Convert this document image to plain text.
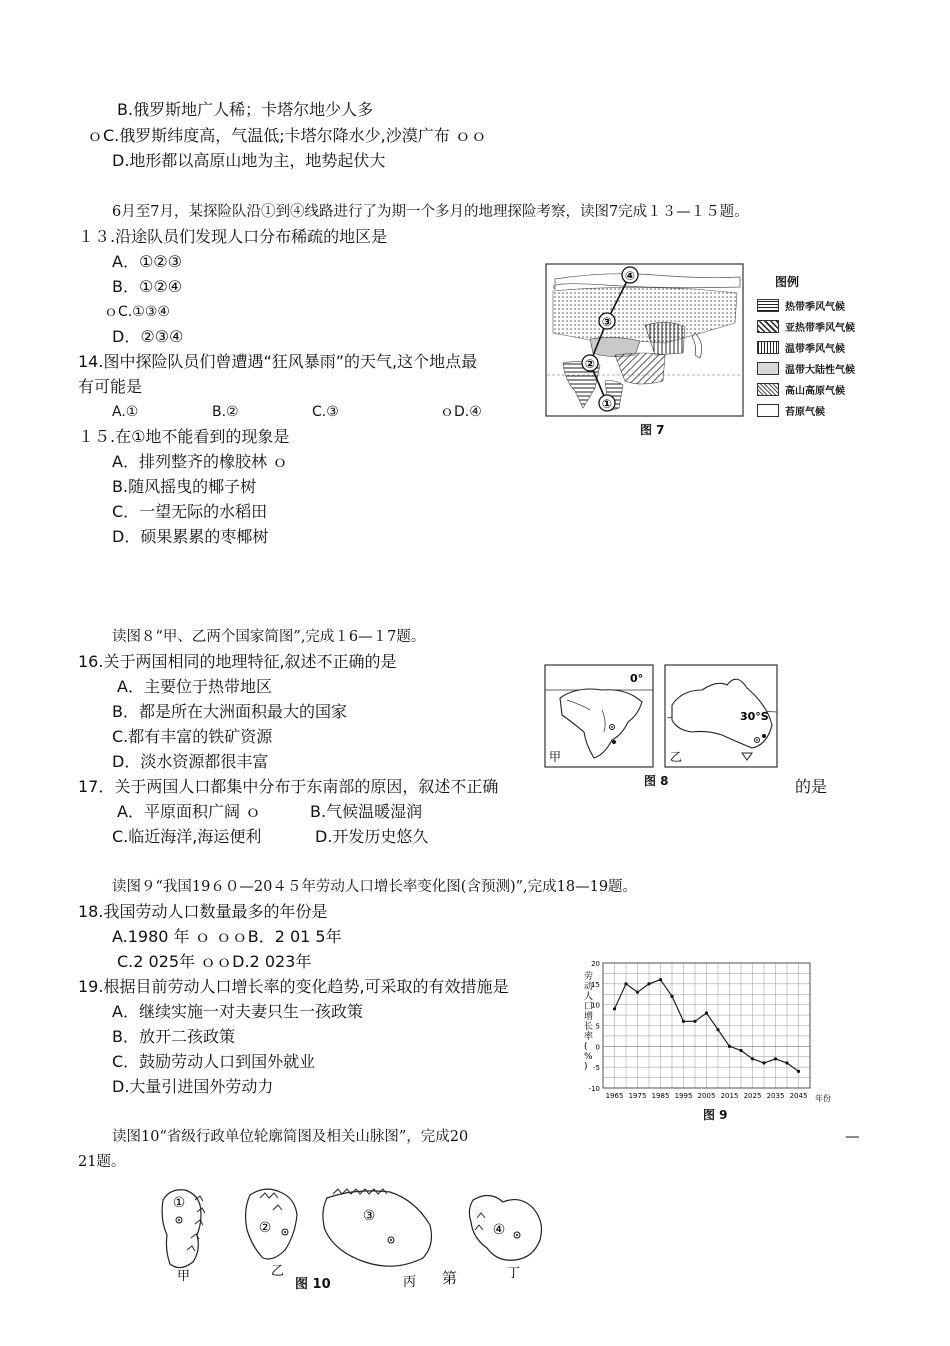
B.俄罗斯地广人稀；卡塔尔地少人多
ｏC.俄罗斯纬度高，气温低;卡塔尔降水少,沙漠广布 ｏｏ
D.地形都以高原山地为主，地势起伏大
6月至7月，某探险队沿①到④线路进行了为期一个多月的地理探险考察，读图7完成１３—１５题。
１３.沿途队员们发现人口分布稀疏的地区是
A．①②③
B．①②④
ｏC.①③④
D．②③④
14.图中探险队员们曾遭遇“狂风暴雨”的天气,这个地点最
有可能是
A.①	B.②	C.③	ｏD.④
１５.在①地不能看到的现象是
A．排列整齐的橡胶林 ｏ
B.随风摇曳的椰子树
C．一望无际的水稻田
D．硕果累累的枣椰树
①
②
③
④	图例
热带季风气候
亚热带季风气候
温带季风气候
温带大陆性气候
高山高原气候
苔原气候
图 7
读图８“甲、乙两个国家简图”,完成１6—１7题。
16.关于两国相同的地理特征,叙述不正确的是
A．主要位于热带地区
B．都是所在大洲面积最大的国家
C.都有丰富的铁矿资源
D．淡水资源都很丰富
17．关于两国人口都集中分布于东南部的原因，叙述不正确	的是
A．平原面积广阔 ｏ	B.气候温暖湿润
C.临近海洋,海运便利	D.开发历史悠久
0°
甲
30°S
乙
图 8
读图９“我国19６０—20４５年劳动人口增长率变化图(含预测)”,完成18—19题。
18.我国劳动人口数量最多的年份是
A.1980 年 ｏ ｏｏB．2 01 5年
C.2 025年 ｏｏD.2 023年
19.根据目前劳动人口增长率的变化趋势,可采取的有效措施是
A．继续实施一对夫妻只生一孩政策
B．放开二孩政策
C．鼓励劳动人口到国外就业
D.大量引进国外劳动力
20
15
10
5
0
-5
-10
1965 1975 1985 1995 2005 2015 2025 2035 2045
劳动人口增长率( % )
年份
图 9
读图10“省级行政单位轮廓简图及相关山脉图”，完成20	—
21题。
①
甲
②
乙
③
丙
④
丁
图 10	第
